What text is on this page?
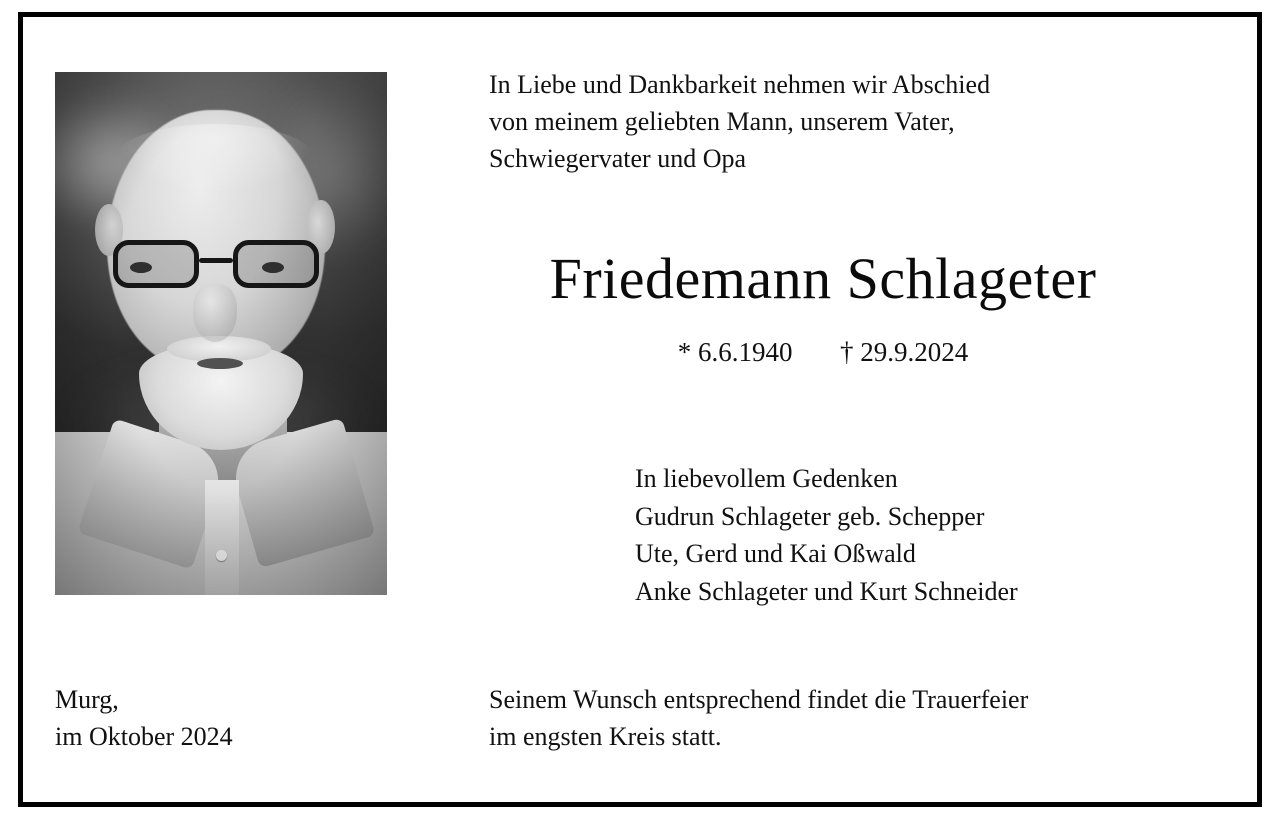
In Liebe und Dankbarkeit nehmen wir Abschied
von meinem geliebten Mann, unserem Vater,
Schwiegervater und Opa
Friedemann Schlageter
* 6.6.1940 † 29.9.2024
In liebevollem Gedenken
Gudrun Schlageter geb. Schepper
Ute, Gerd und Kai Oßwald
Anke Schlageter und Kurt Schneider
Murg,
im Oktober 2024
Seinem Wunsch entsprechend findet die Trauerfeier
im engsten Kreis statt.
